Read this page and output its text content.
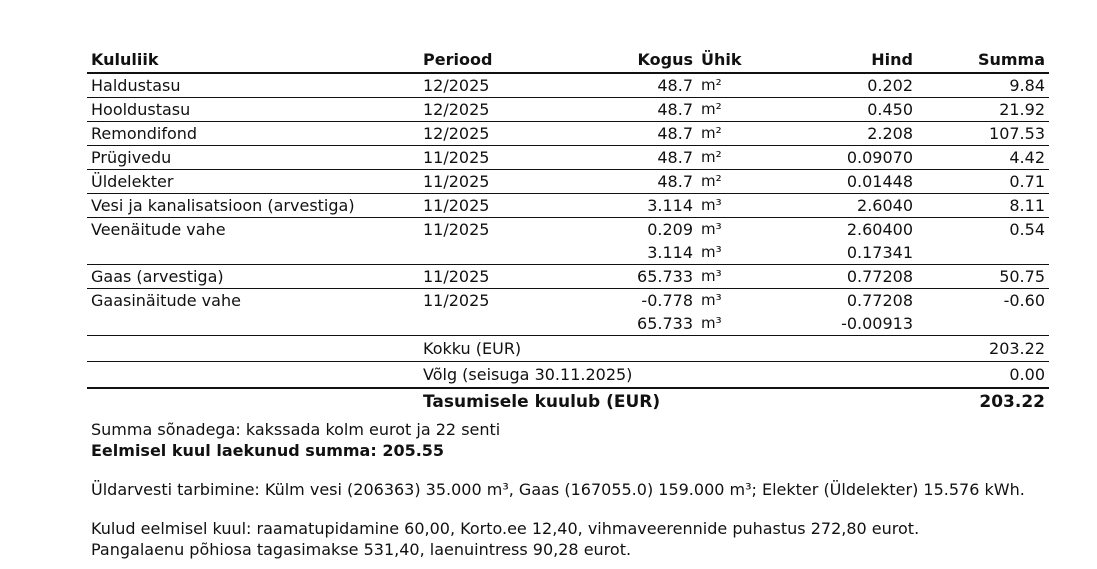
Kululiik	Periood	Kogus	Ühik	Hind	Summa
Haldustasu	12/2025	48.7	m²	0.202	9.84
Hooldustasu	12/2025	48.7	m²	0.450	21.92
Remondifond	12/2025	48.7	m²	2.208	107.53
Prügivedu	11/2025	48.7	m²	0.09070	4.42
Üldelekter	11/2025	48.7	m²	0.01448	0.71
Vesi ja kanalisatsioon (arvestiga)	11/2025	3.114	m³	2.6040	8.11
Veenäitude vahe	11/2025	0.209	m³	2.60400	0.54
		3.114	m³	0.17341	
Gaas (arvestiga)	11/2025	65.733	m³	0.77208	50.75
Gaasinäitude vahe	11/2025	-0.778	m³	0.77208	-0.60
		65.733	m³	-0.00913	
	Kokku (EUR)				203.22
	Võlg (seisuga 30.11.2025)				0.00
	Tasumisele kuulub (EUR)				203.22

Summa sõnadega: kakssada kolm eurot ja 22 senti

Eelmisel kuul laekunud summa: 205.55

Üldarvesti tarbimine: Külm vesi (206363) 35.000 m³, Gaas (167055.0) 159.000 m³; Elekter (Üldelekter) 15.576 kWh.

Kulud eelmisel kuul: raamatupidamine 60,00, Korto.ee 12,40, vihmaveerennide puhastus 272,80 eurot.

Pangalaenu põhiosa tagasimakse 531,40, laenuintress 90,28 eurot.
